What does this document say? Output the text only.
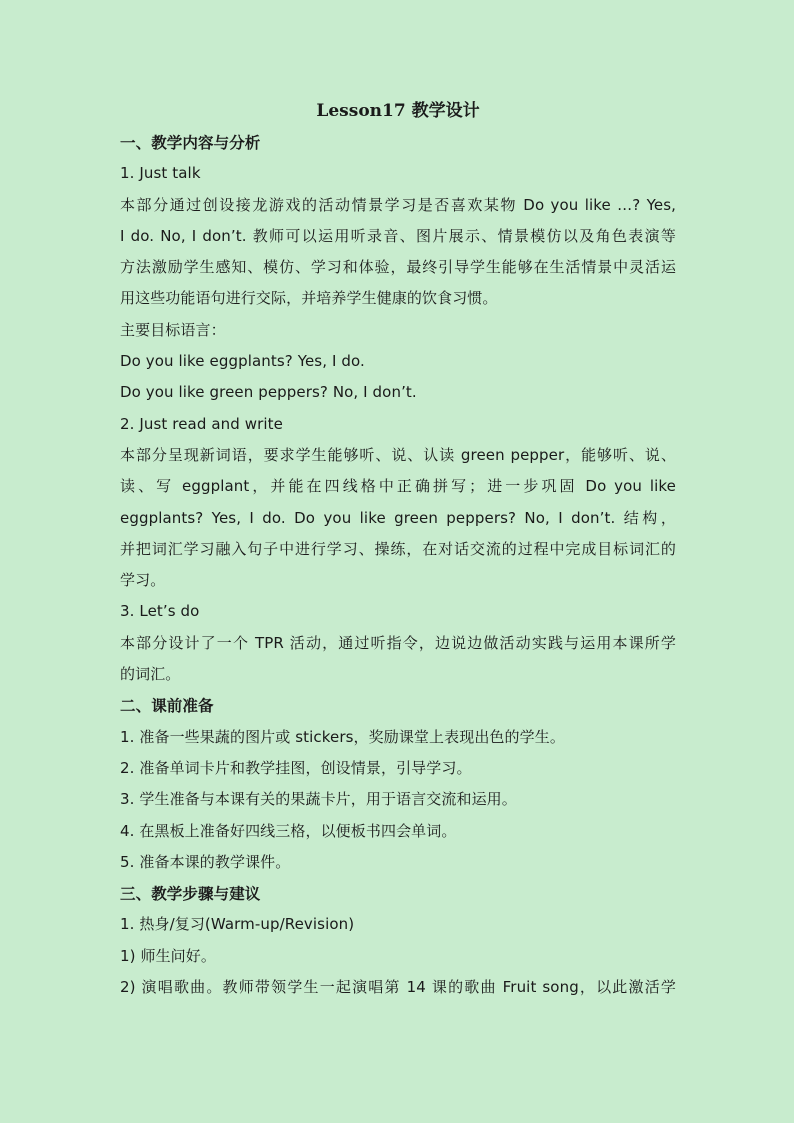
Lesson17 教学设计
一、教学内容与分析
1. Just talk
本部分通过创设接龙游戏的活动情景学习是否喜欢某物 Do you like …? Yes,
I do. No, I don’t. 教师可以运用听录音、图片展示、情景模仿以及角色表演等
方法激励学生感知、模仿、学习和体验，最终引导学生能够在生活情景中灵活运
用这些功能语句进行交际，并培养学生健康的饮食习惯。
主要目标语言：
Do you like eggplants? Yes, I do.
Do you like green peppers? No, I don’t.
2. Just read and write
本部分呈现新词语，要求学生能够听、说、认读 green pepper，能够听、说、
读、写 eggplant，并能在四线格中正确拼写；进一步巩固 Do you like
eggplants? Yes, I do. Do you like green peppers? No, I don’t. 结构，
并把词汇学习融入句子中进行学习、操练，在对话交流的过程中完成目标词汇的
学习。
3. Let’s do
本部分设计了一个 TPR 活动，通过听指令，边说边做活动实践与运用本课所学
的词汇。
二、课前准备
1. 准备一些果蔬的图片或 stickers，奖励课堂上表现出色的学生。
2. 准备单词卡片和教学挂图，创设情景，引导学习。
3. 学生准备与本课有关的果蔬卡片，用于语言交流和运用。
4. 在黑板上准备好四线三格，以便板书四会单词。
5. 准备本课的教学课件。
三、教学步骤与建议
1. 热身/复习(Warm-up/Revision)
1) 师生问好。
2) 演唱歌曲。教师带领学生一起演唱第 14 课的歌曲 Fruit song，以此激活学
